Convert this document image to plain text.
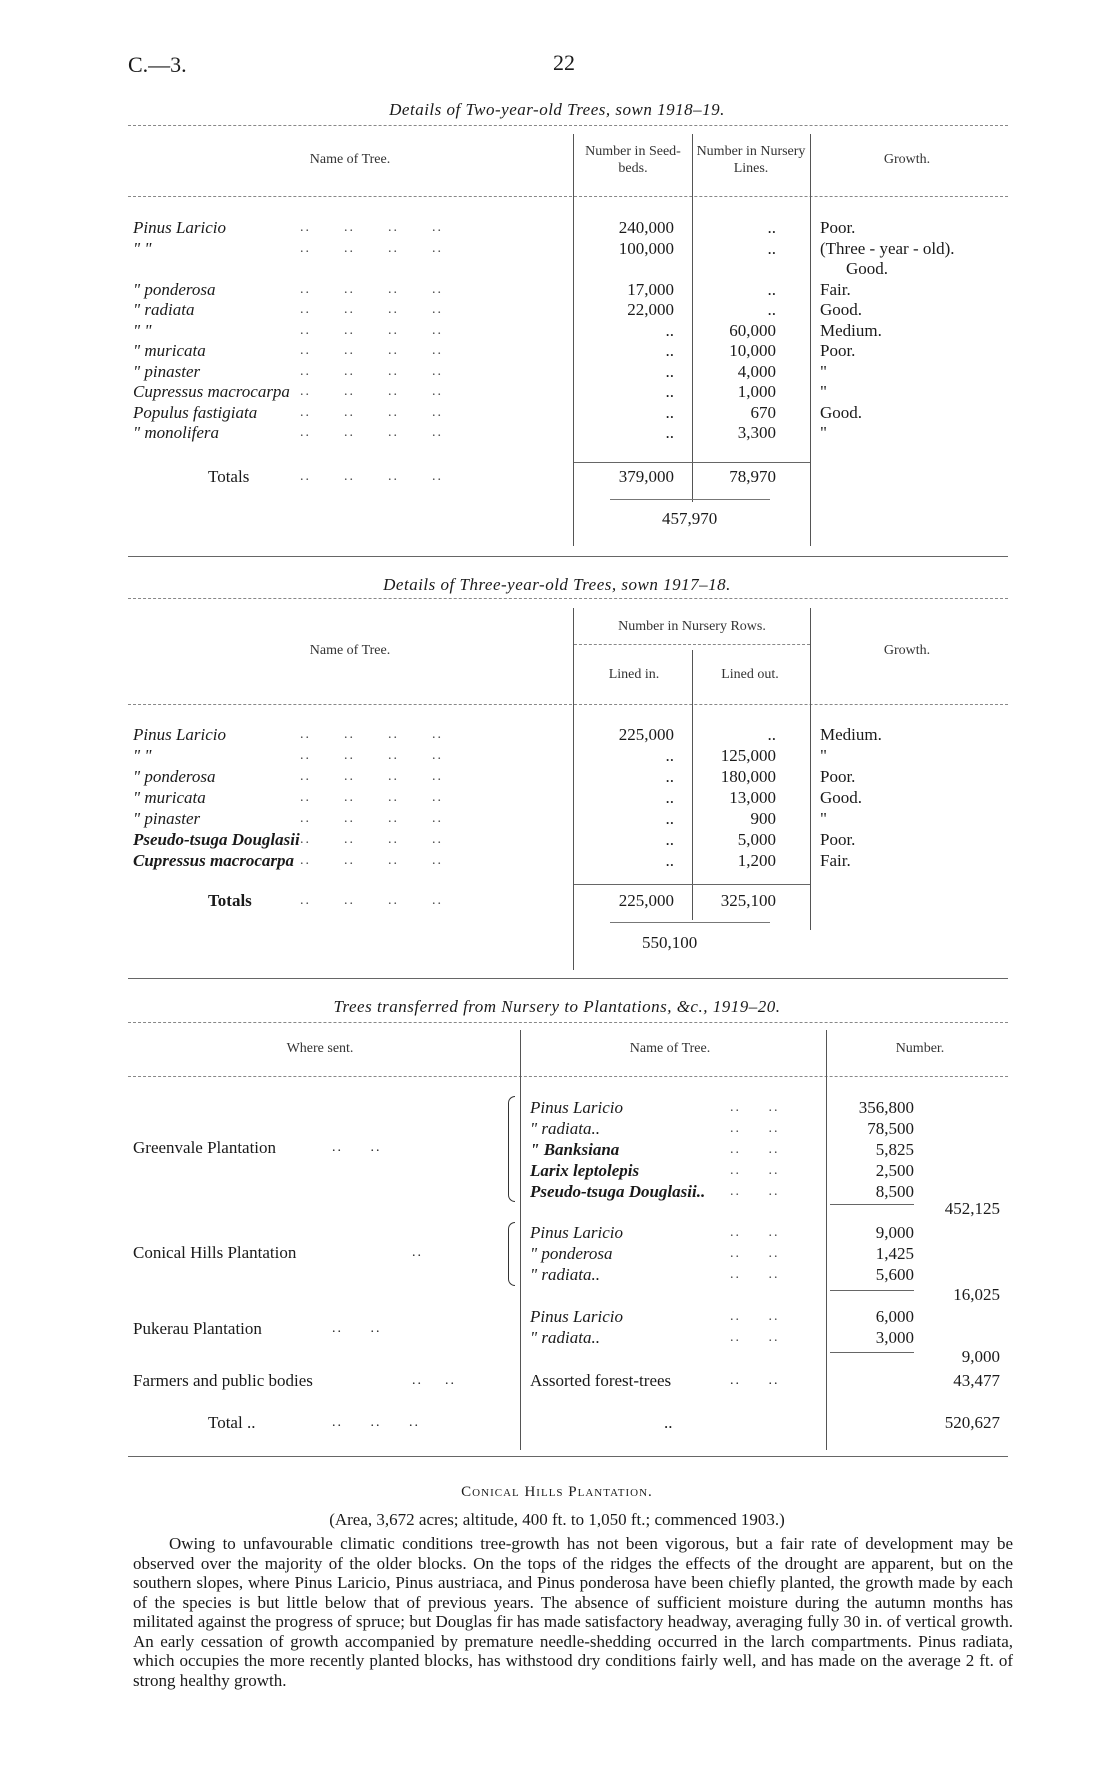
C.—3.	22
Details of Two-year-old Trees, sown 1918–19.
Name of Tree.
Number in Seed-beds.
Number in Nursery Lines.
Growth.
Pinus Laricio	..      ..      ..      ..	240,000	..	Poor.
" "	..      ..      ..      ..	100,000	..	(Three - year - old).
Good.
" ponderosa	..      ..      ..      ..	17,000	..	Fair.
" radiata	..      ..      ..      ..	22,000	..	Good.
" "	..      ..      ..      ..	..	60,000	Medium.
" muricata	..      ..      ..      ..	..	10,000	Poor.
" pinaster	..      ..      ..      ..	..	4,000	"
Cupressus macrocarpa ..      ..      ..      ..	..	1,000	"
Populus fastigiata	..      ..      ..      ..	..	670	Good.
" monolifera	..      ..      ..      ..	..	3,300	"
Totals	..      ..      ..      ..	379,000	78,970
457,970
Details of Three-year-old Trees, sown 1917–18.
Number in Nursery Rows.
Name of Tree.
Lined in.	Lined out.
Growth.
Pinus Laricio	..      ..      ..      ..	225,000	..	Medium.
" "	..      ..      ..      ..	..	125,000	"
" ponderosa	..      ..      ..      ..	..	180,000	Poor.
" muricata	..      ..      ..      ..	..	13,000	Good.
" pinaster	..      ..      ..      ..	..	900	"
Pseudo-tsuga Douglasii ..      ..      ..      ..	..	5,000	Poor.
Cupressus macrocarpa ..      ..      ..      ..	..	1,200	Fair.
Totals	..      ..      ..      ..	225,000	325,100
550,100
Trees transferred from Nursery to Plantations, &c., 1919–20.
Where sent.	Name of Tree.	Number.
Greenvale Plantation	..     ..
Pinus Laricio	..     ..	356,800
" radiata..	..     ..	78,500
" Banksiana	..     ..	5,825
Larix leptolepis	..     ..	2,500
Pseudo-tsuga Douglasii.. ..     ..	8,500
452,125
Conical Hills Plantation	..
Pinus Laricio	..     ..	9,000
" ponderosa	..     ..	1,425
" radiata..	..     ..	5,600
16,025
Pukerau Plantation	..     ..
Pinus Laricio	..     ..	6,000
" radiata..	..     ..	3,000
9,000
Farmers and public bodies	..    ..	Assorted forest-trees	..     ..	43,477
Total ..	..     ..     ..	..	520,627
Conical Hills Plantation.
(Area, 3,672 acres; altitude, 400 ft. to 1,050 ft.; commenced 1903.)
Owing to unfavourable climatic conditions tree-growth has not been vigorous, but a fair rate of development may be observed over the majority of the older blocks. On the tops of the ridges the effects of the drought are apparent, but on the southern slopes, where Pinus Laricio, Pinus austriaca, and Pinus ponderosa have been chiefly planted, the growth made by each of the species is but little below that of previous years. The absence of sufficient moisture during the autumn months has militated against the progress of spruce; but Douglas fir has made satisfactory headway, averaging fully 30 in. of vertical growth. An early cessation of growth accompanied by premature needle-shedding occurred in the larch compartments. Pinus radiata, which occupies the more recently planted blocks, has withstood dry conditions fairly well, and has made on the average 2 ft. of strong healthy growth.
